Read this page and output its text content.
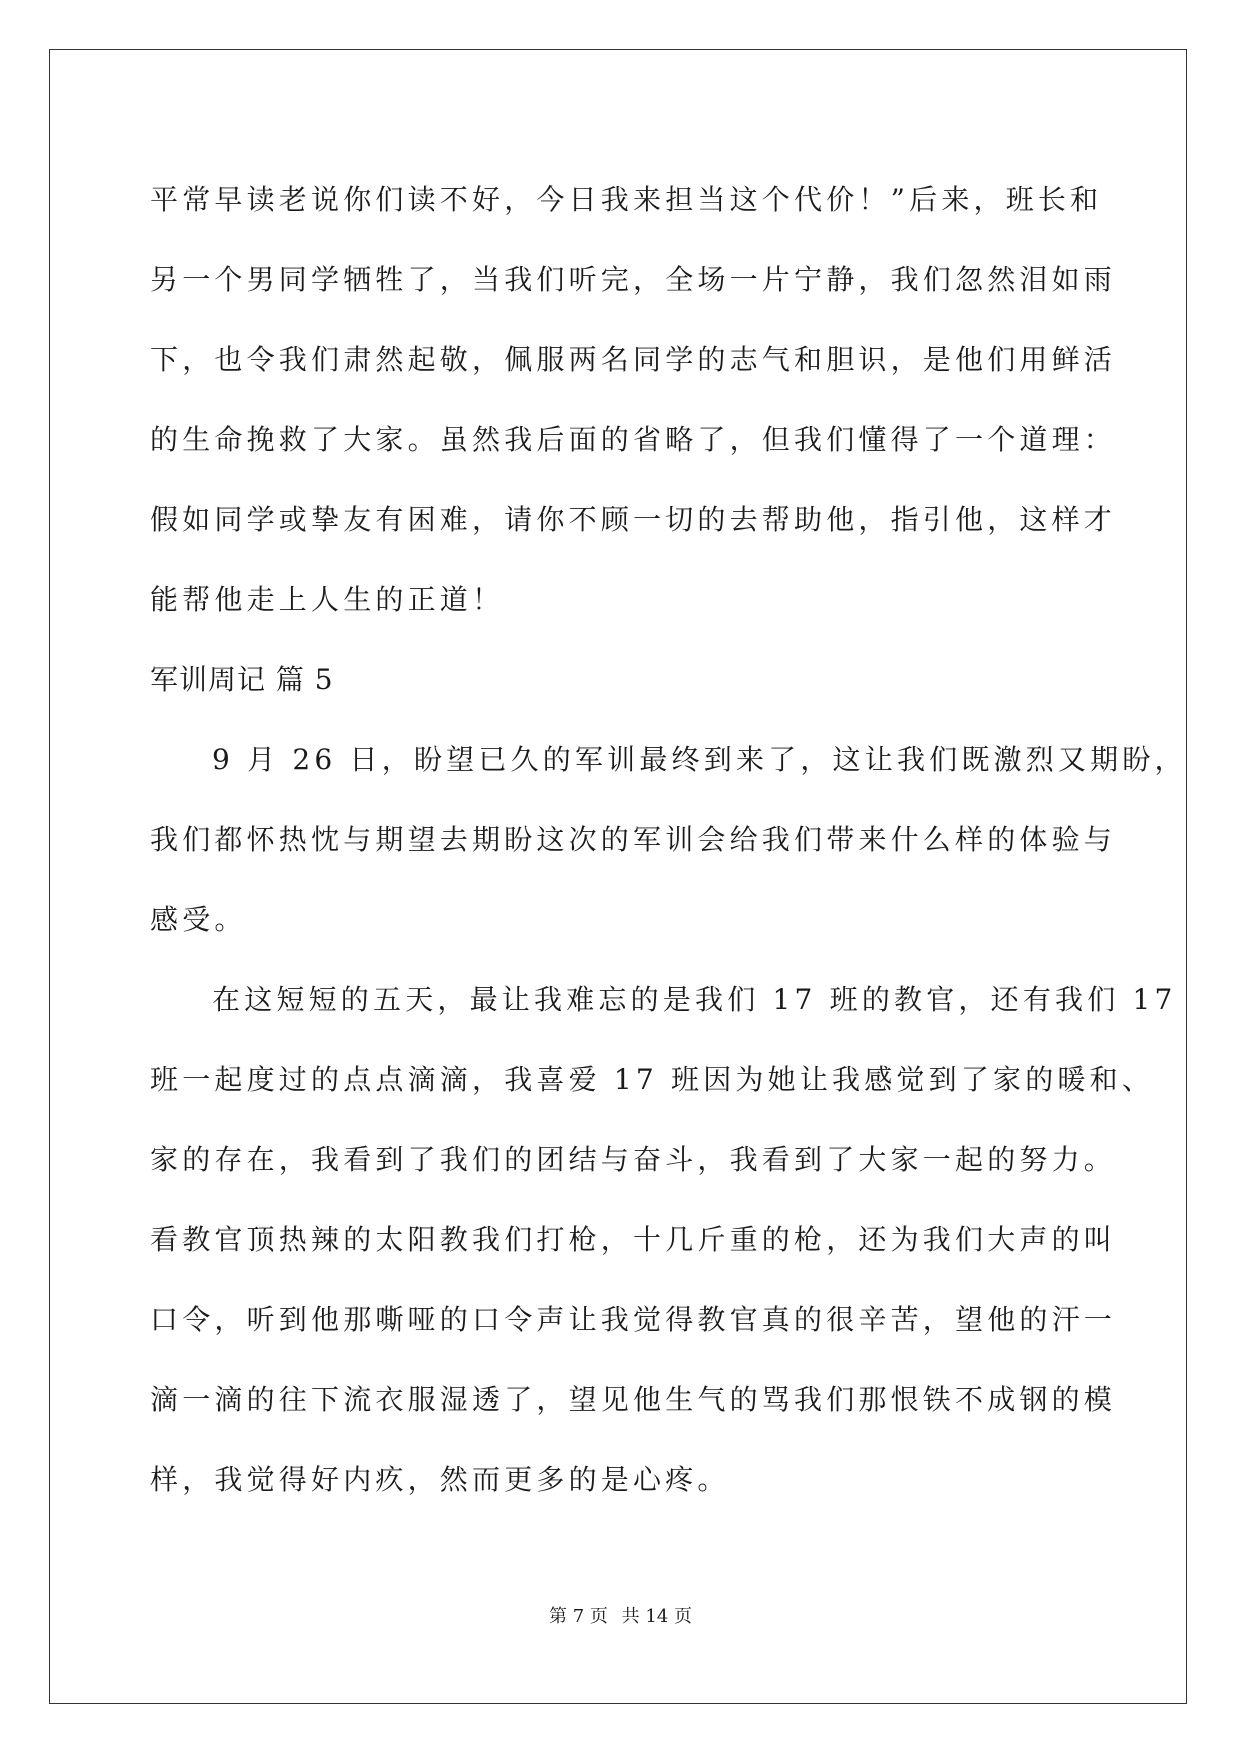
平常早读老说你们读不好，今日我来担当这个代价！”后来，班长和
另一个男同学牺牲了，当我们听完，全场一片宁静，我们忽然泪如雨
下，也令我们肃然起敬，佩服两名同学的志气和胆识，是他们用鲜活
的生命挽救了大家。虽然我后面的省略了，但我们懂得了一个道理：
假如同学或挚友有困难，请你不顾一切的去帮助他，指引他，这样才
能帮他走上人生的正道！
军训周记 篇 5
9 月 26 日，盼望已久的军训最终到来了，这让我们既激烈又期盼，
我们都怀热忱与期望去期盼这次的军训会给我们带来什么样的体验与
感受。
在这短短的五天，最让我难忘的是我们 17 班的教官，还有我们 17
班一起度过的点点滴滴，我喜爱 17 班因为她让我感觉到了家的暖和、
家的存在，我看到了我们的团结与奋斗，我看到了大家一起的努力。
看教官顶热辣的太阳教我们打枪，十几斤重的枪，还为我们大声的叫
口令，听到他那嘶哑的口令声让我觉得教官真的很辛苦，望他的汗一
滴一滴的往下流衣服湿透了，望见他生气的骂我们那恨铁不成钢的模
样，我觉得好内疚，然而更多的是心疼。
第 7 页 共 14 页
